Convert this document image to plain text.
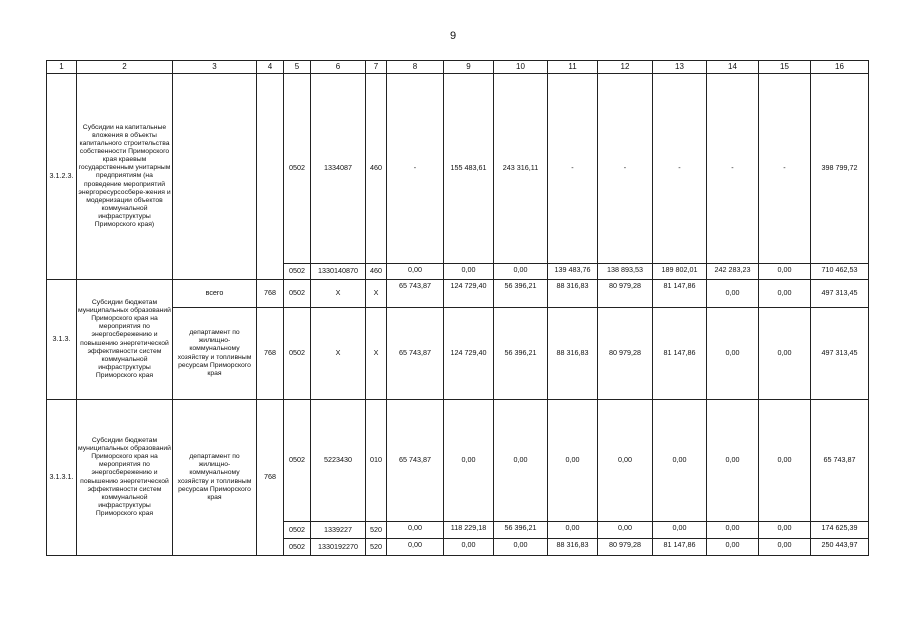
9
1	2	3	4	5	6	7	8	9	10	11	12	13	14	15	16
3.1.2.3.	Субсидии на капитальные вложения в объекты капитального строительства собственности Приморского края краевым государственным унитарным предприятиям (на проведение мероприятий энергоресурсосбере-жения и модернизации объектов коммунальной инфраструктуры Приморского края)			0502	1334087	460	-	155 483,61	243 316,11	-	-	-	-	-	398 799,72
				0502	1330140870	460	0,00	0,00	0,00	139 483,76	138 893,53	189 802,01	242 283,23	0,00	710 462,53
3.1.3.	Субсидии бюджетам муниципальных образований Приморского края на мероприятия по энергосбережению и повышению энергетической эффективности систем коммунальной инфраструктуры Приморского края	всего	768	0502	X	X	65 743,87	124 729,40	56 396,21	88 316,83	80 979,28	81 147,86	0,00	0,00	497 313,45
		департамент по жилищно-коммунальному хозяйству и топливным ресурсам Приморского края	768	0502	X	X	65 743,87	124 729,40	56 396,21	88 316,83	80 979,28	81 147,86	0,00	0,00	497 313,45
3.1.3.1.	Субсидии бюджетам муниципальных образований Приморского края на мероприятия по энергосбережению и повышению энергетической эффективности систем коммунальной инфраструктуры Приморского края	департамент по жилищно-коммунальному хозяйству и топливным ресурсам Приморского края	768	0502	5223430	010	65 743,87	0,00	0,00	0,00	0,00	0,00	0,00	0,00	65 743,87
				0502	1339227	520	0,00	118 229,18	56 396,21	0,00	0,00	0,00	0,00	0,00	174 625,39
				0502	1330192270	520	0,00	0,00	0,00	88 316,83	80 979,28	81 147,86	0,00	0,00	250 443,97
